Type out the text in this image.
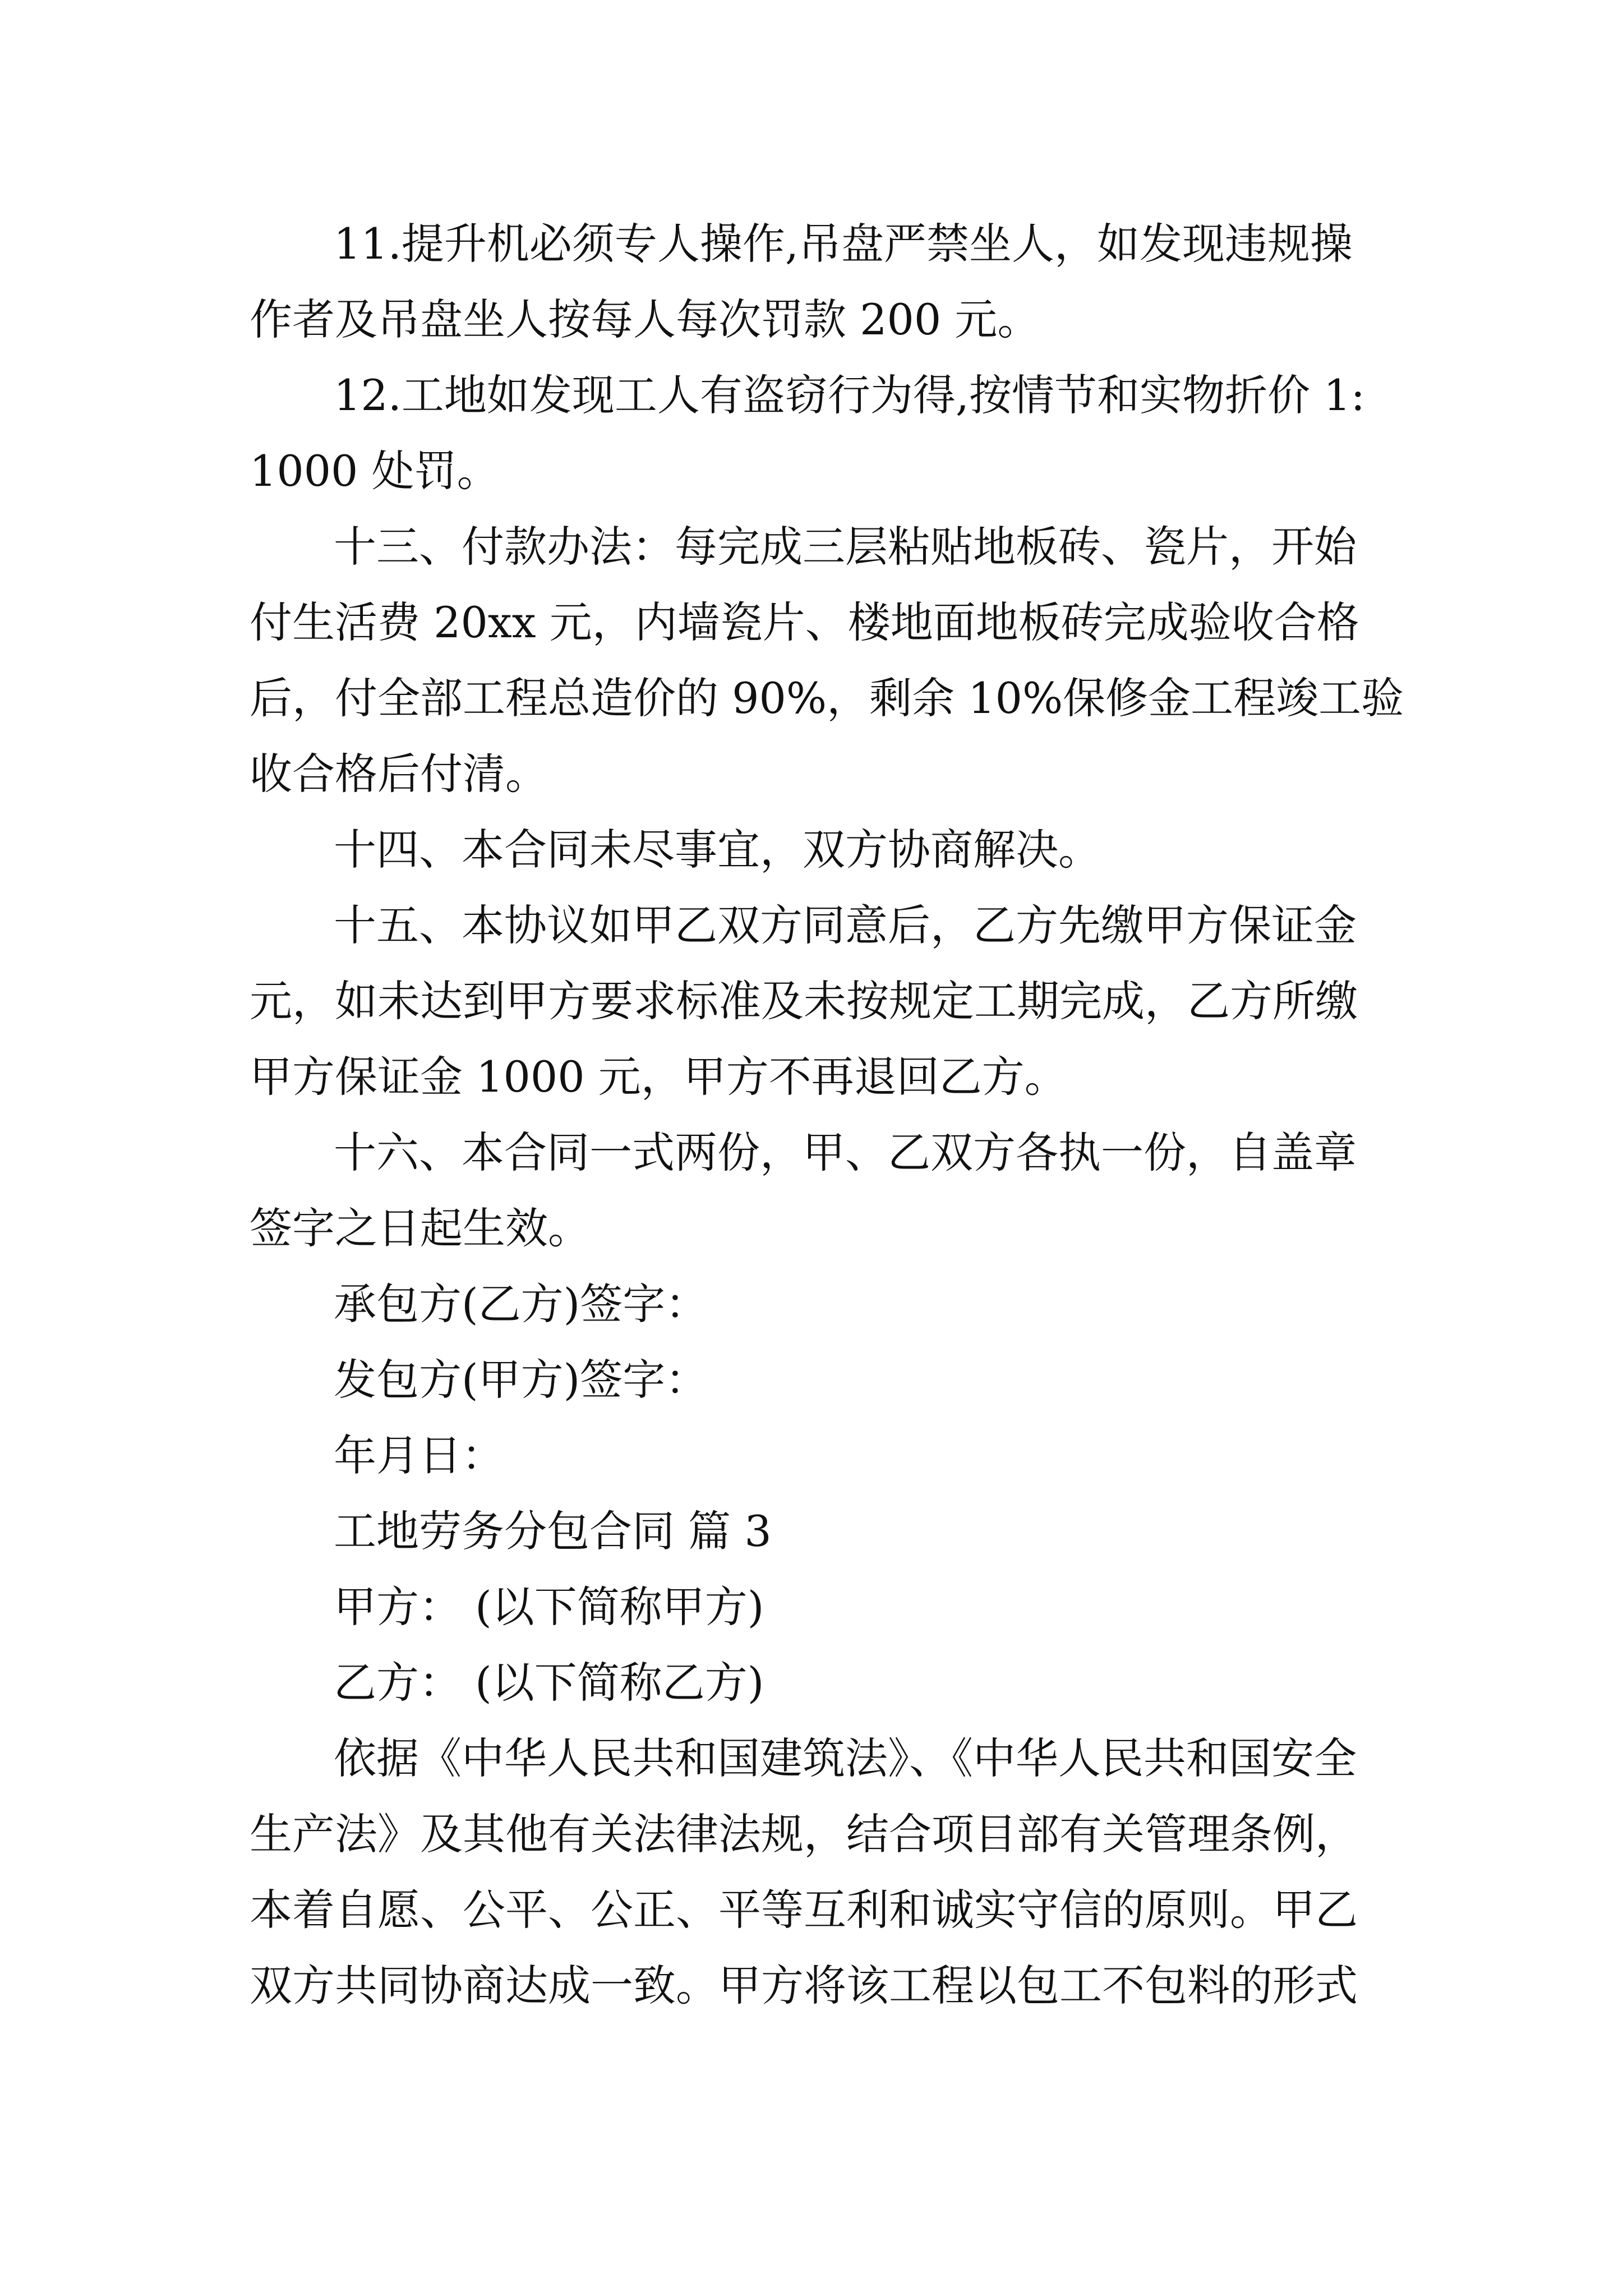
11.提升机必须专人操作,吊盘严禁坐人，如发现违规操
作者及吊盘坐人按每人每次罚款 200 元。
12.工地如发现工人有盗窃行为得,按情节和实物折价 1:
1000 处罚。
十三、付款办法：每完成三层粘贴地板砖、瓷片，开始
付生活费 20xx 元，内墙瓷片、楼地面地板砖完成验收合格
后，付全部工程总造价的 90%，剩余 10%保修金工程竣工验
收合格后付清。
十四、本合同未尽事宜，双方协商解决。
十五、本协议如甲乙双方同意后，乙方先缴甲方保证金
元，如未达到甲方要求标准及未按规定工期完成，乙方所缴
甲方保证金 1000 元，甲方不再退回乙方。
十六、本合同一式两份，甲、乙双方各执一份，自盖章
签字之日起生效。
承包方(乙方)签字：
发包方(甲方)签字：
年月日：
工地劳务分包合同 篇 3
甲方： (以下简称甲方)
乙方： (以下简称乙方)
依据《中华人民共和国建筑法》、《中华人民共和国安全
生产法》及其他有关法律法规，结合项目部有关管理条例，
本着自愿、公平、公正、平等互利和诚实守信的原则。甲乙
双方共同协商达成一致。甲方将该工程以包工不包料的形式
